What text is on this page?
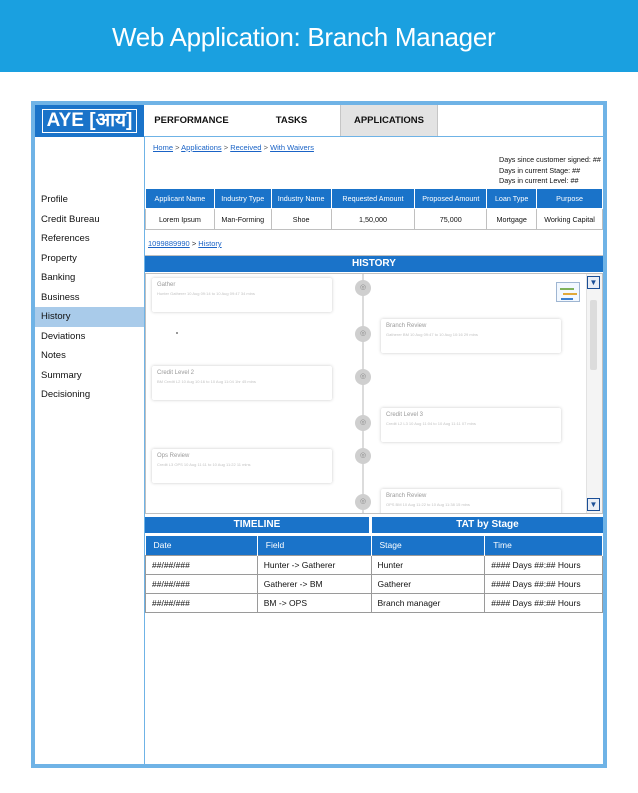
Web Application: Branch Manager
AYE [आय]	PERFORMANCE	TASKS	APPLICATIONS
Profile
Credit Bureau
References
Property
Banking
Business
History
Deviations
Notes
Summary
Decisioning
Home > Applications > Received > With Waivers
Days since customer signed: ##
Days in current Stage: ##
Days in current Level: ##
Applicant Name	Industry Type	Industry Name	Requested Amount	Proposed Amount	Loan Type	Purpose
Lorem Ipsum	Man-Forming	Shoe	1,50,000	75,000	Mortgage	Working Capital
1099889990 > History
HISTORY
◎
◎
◎
◎
◎
◎
Gather
Hunter Gatherer 10 Aug 09:14 to 10 Aug 09:47 34 mins
Branch Review
Gatherer BM 10 Aug 09:47 to 10 Aug 10:16 29 mins
Credit Level 2
BM Credit L2 10 Aug 10:16 to 10 Aug 11:04 1hr 45 mins
Credit Level 3
Credit L2 L3 10 Aug 11:04 to 10 Aug 11:11 07 mins
Ops Review
Credit L3 OPS 10 Aug 11:11 to 10 Aug 11:22 11 mins
Branch Review
OPS BM 10 Aug 11:22 to 10 Aug 11:38 15 mins
▼
▼
TIMELINE	TAT by Stage
Date	Field	Stage	Time
##/##/###	Hunter -> Gatherer	Hunter	#### Days ##:## Hours
##/##/###	Gatherer -> BM	Gatherer	#### Days ##:## Hours
##/##/###	BM -> OPS	Branch manager	#### Days ##:## Hours
